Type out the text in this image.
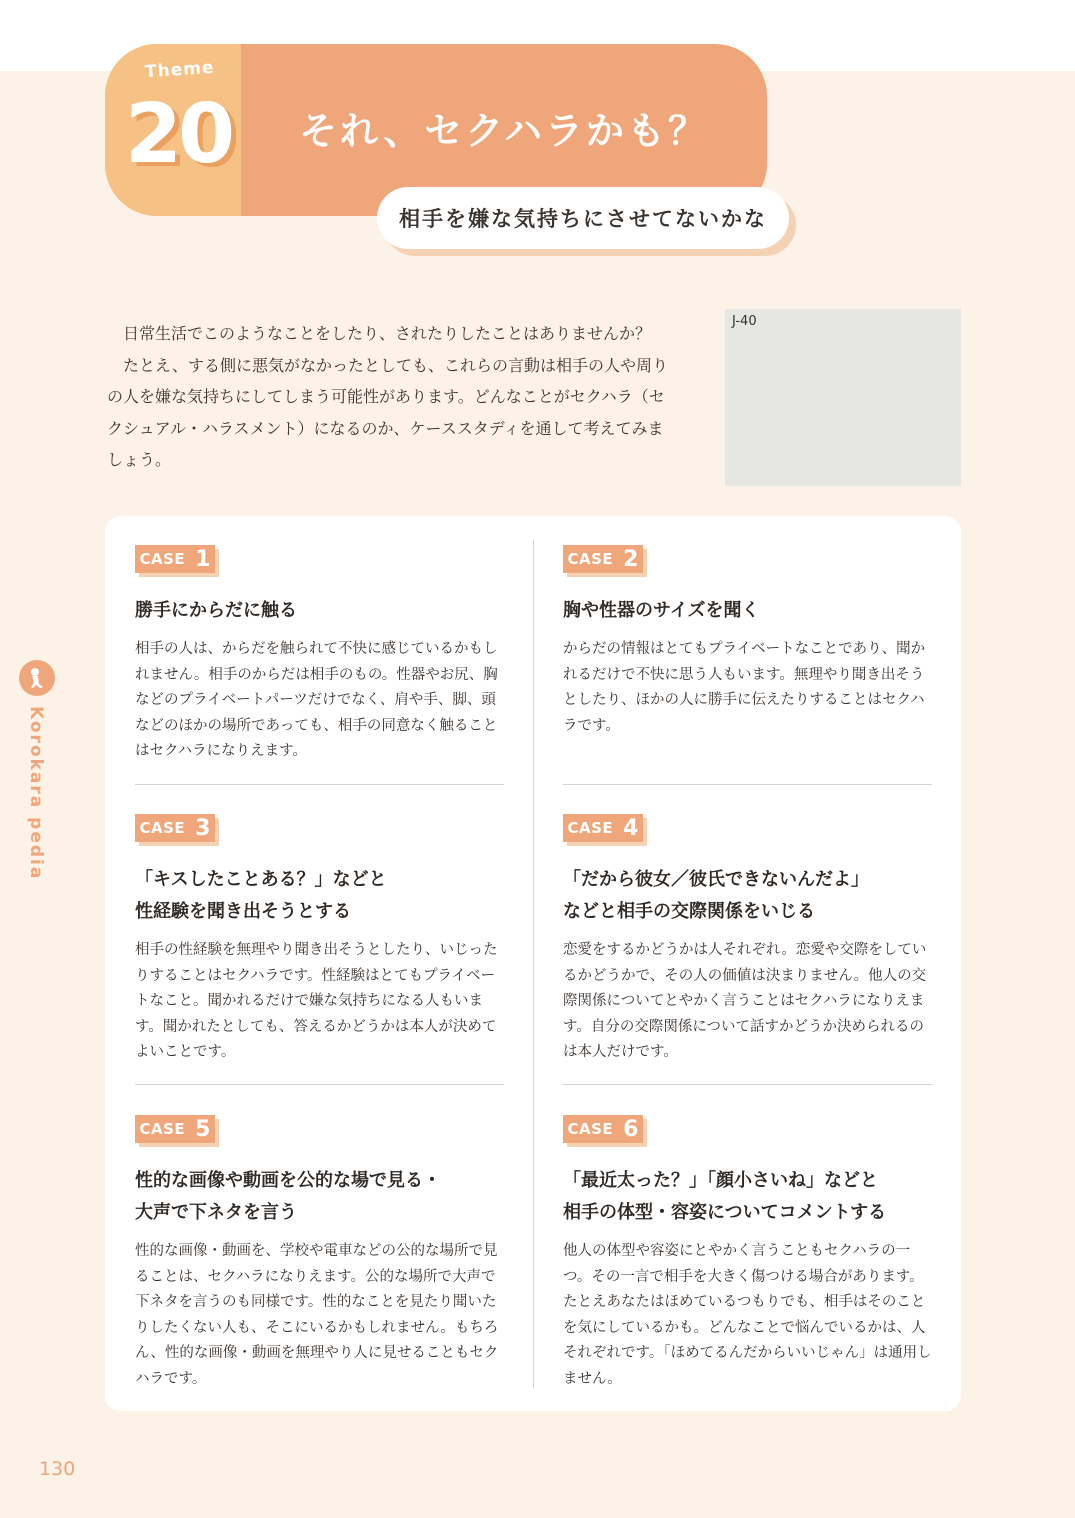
Theme
20	それ、セクハラかも？
相手を嫌な気持ちにさせてないかな

日常生活でこのようなことをしたり、されたりしたことはありませんか？

たとえ、する側に悪気がなかったとしても、これらの言動は相手の人や周りの人を嫌な気持ちにしてしまう可能性があります。どんなことがセクハラ（セクシュアル・ハラスメント）になるのか、ケーススタディを通して考えてみましょう。

J-40
Korokara pedia
CASE 1

勝手にからだに触る

相手の人は、からだを触られて不快に感じているかもしれません。相手のからだは相手のもの。性器やお尻、胸などのプライベートパーツだけでなく、肩や手、脚、頭などのほかの場所であっても、相手の同意なく触ることはセクハラになりえます。

CASE 2

胸や性器のサイズを聞く

からだの情報はとてもプライベートなことであり、聞かれるだけで不快に思う人もいます。無理やり聞き出そうとしたり、ほかの人に勝手に伝えたりすることはセクハラです。

CASE 3

「キスしたことある？」などと
性経験を聞き出そうとする

相手の性経験を無理やり聞き出そうとしたり、いじったりすることはセクハラです。性経験はとてもプライベートなこと。聞かれるだけで嫌な気持ちになる人もいます。聞かれたとしても、答えるかどうかは本人が決めてよいことです。

CASE 4

「だから彼女／彼氏できないんだよ」
などと相手の交際関係をいじる

恋愛をするかどうかは人それぞれ。恋愛や交際をしているかどうかで、その人の価値は決まりません。他人の交際関係についてとやかく言うことはセクハラになりえます。自分の交際関係について話すかどうか決められるのは本人だけです。

CASE 5

性的な画像や動画を公的な場で見る・
大声で下ネタを言う

性的な画像・動画を、学校や電車などの公的な場所で見ることは、セクハラになりえます。公的な場所で大声で下ネタを言うのも同様です。性的なことを見たり聞いたりしたくない人も、そこにいるかもしれません。もちろん、性的な画像・動画を無理やり人に見せることもセクハラです。

CASE 6

「最近太った？」「顔小さいね」などと
相手の体型・容姿についてコメントする

他人の体型や容姿にとやかく言うこともセクハラの一つ。その一言で相手を大きく傷つける場合があります。たとえあなたはほめているつもりでも、相手はそのことを気にしているかも。どんなことで悩んでいるかは、人それぞれです。「ほめてるんだからいいじゃん」は通用しません。

130
